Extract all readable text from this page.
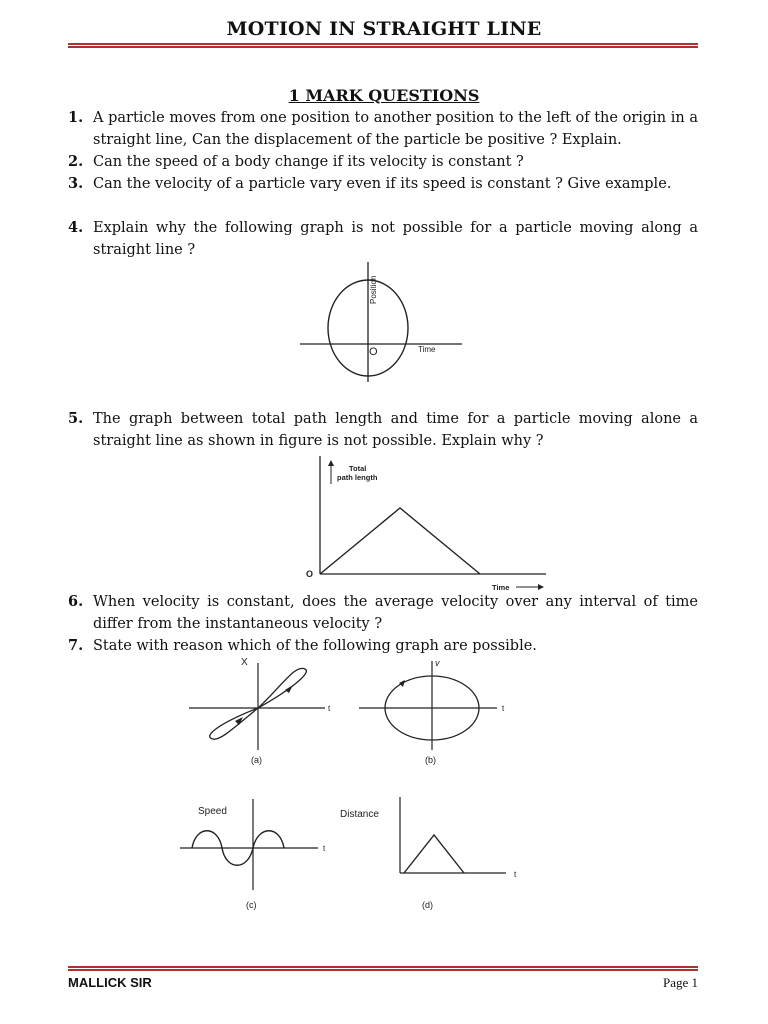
MOTION IN STRAIGHT LINE
1 MARK QUESTIONS
1. A particle moves from one position to another position to the left of the origin in a straight line, Can the displacement of the particle be positive ? Explain.
2. Can the speed of a body change if its velocity is constant ?
3. Can the velocity of a particle vary even if its speed is constant ? Give example.
4. Explain why the following graph is not possible for a particle moving along a straight line ?
Position
Time
O
5. The graph between total path length and time for a particle moving alone a straight line as shown in figure is not possible. Explain why ?
Total
path length
Time
O
6. When velocity is constant, does the average velocity over any interval of time differ from the instantaneous velocity ?
7. State with reason which of the following graph are possible.
X
t
(a)
v
t
(b)
Speed
t
(c)
Distance
t
(d)
MALLICK SIR	Page 1
